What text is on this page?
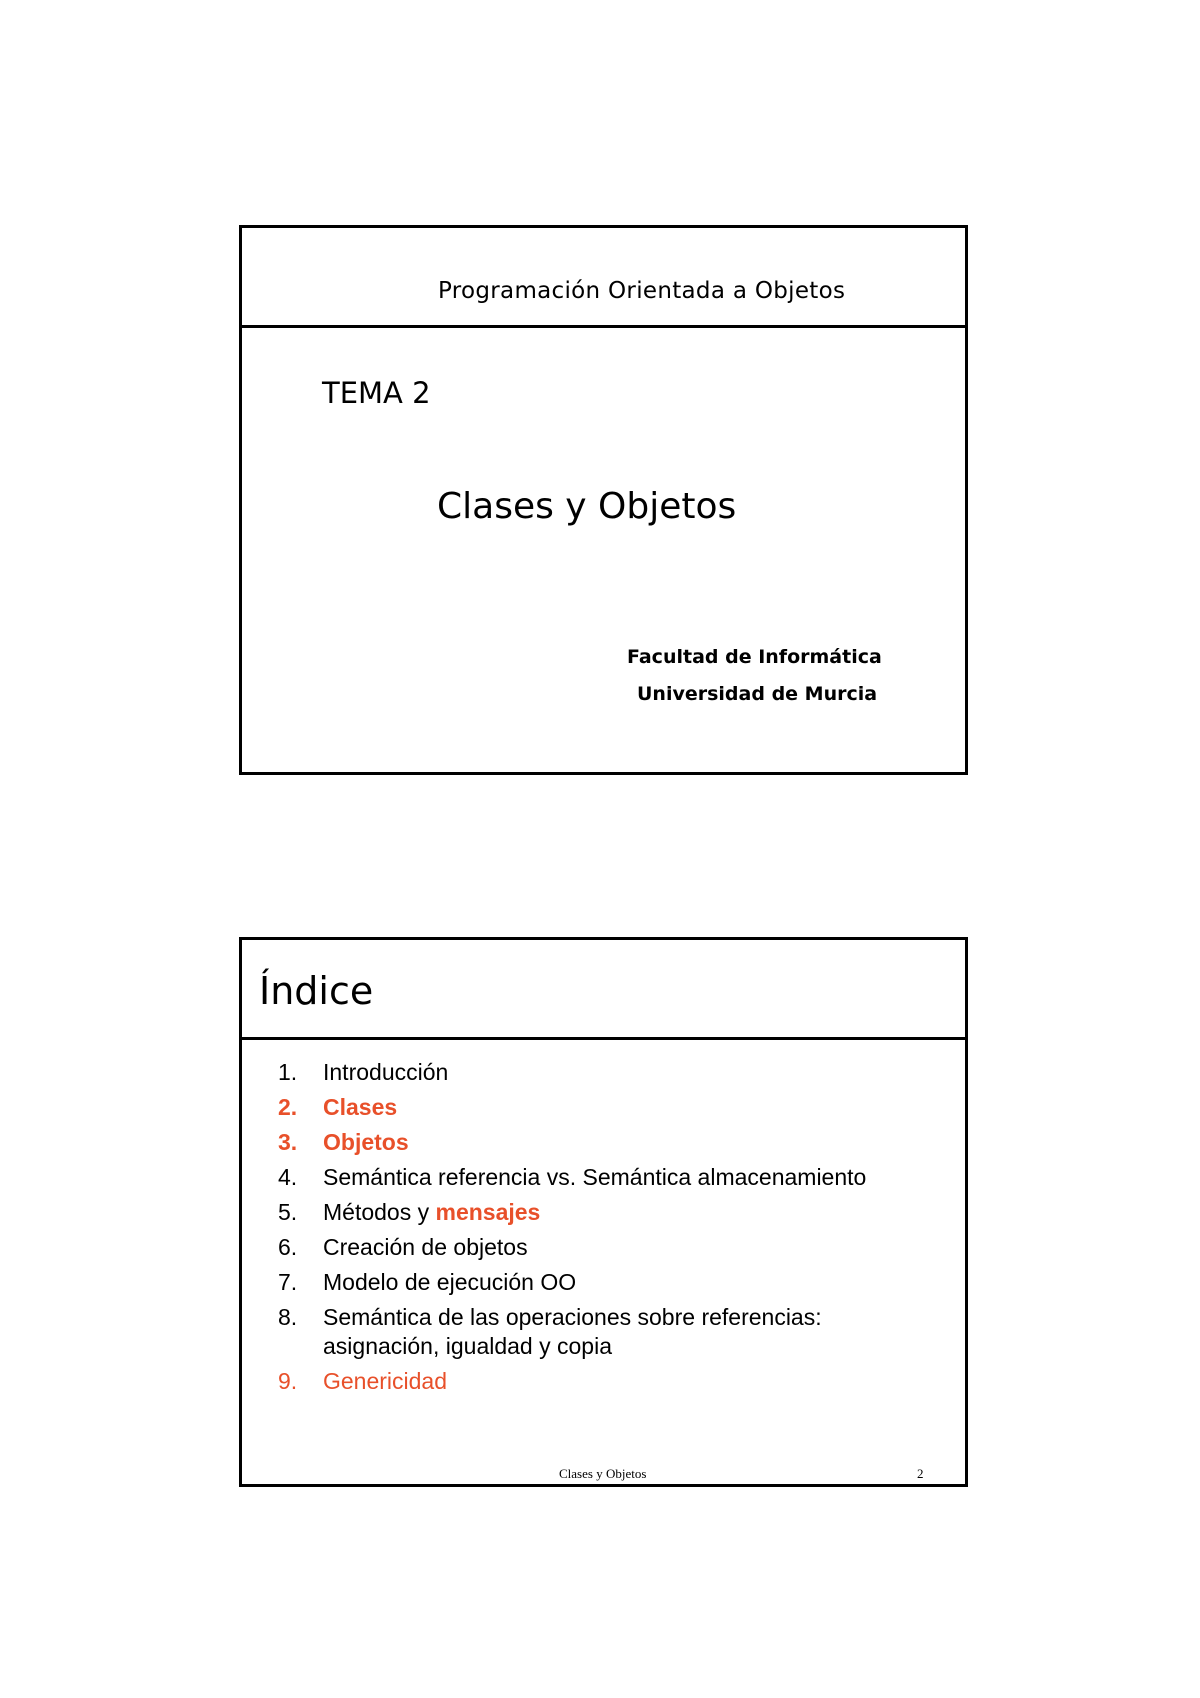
Programación Orientada a Objetos
TEMA 2
Clases y Objetos
Facultad de Informática
Universidad de Murcia
Índice
1. Introducción
2. Clases
3. Objetos
4. Semántica referencia vs. Semántica almacenamiento
5. Métodos y mensajes
6. Creación de objetos
7. Modelo de ejecución OO
8. Semántica de las operaciones sobre referencias:
asignación, igualdad y copia
9. Genericidad
Clases y Objetos	2
